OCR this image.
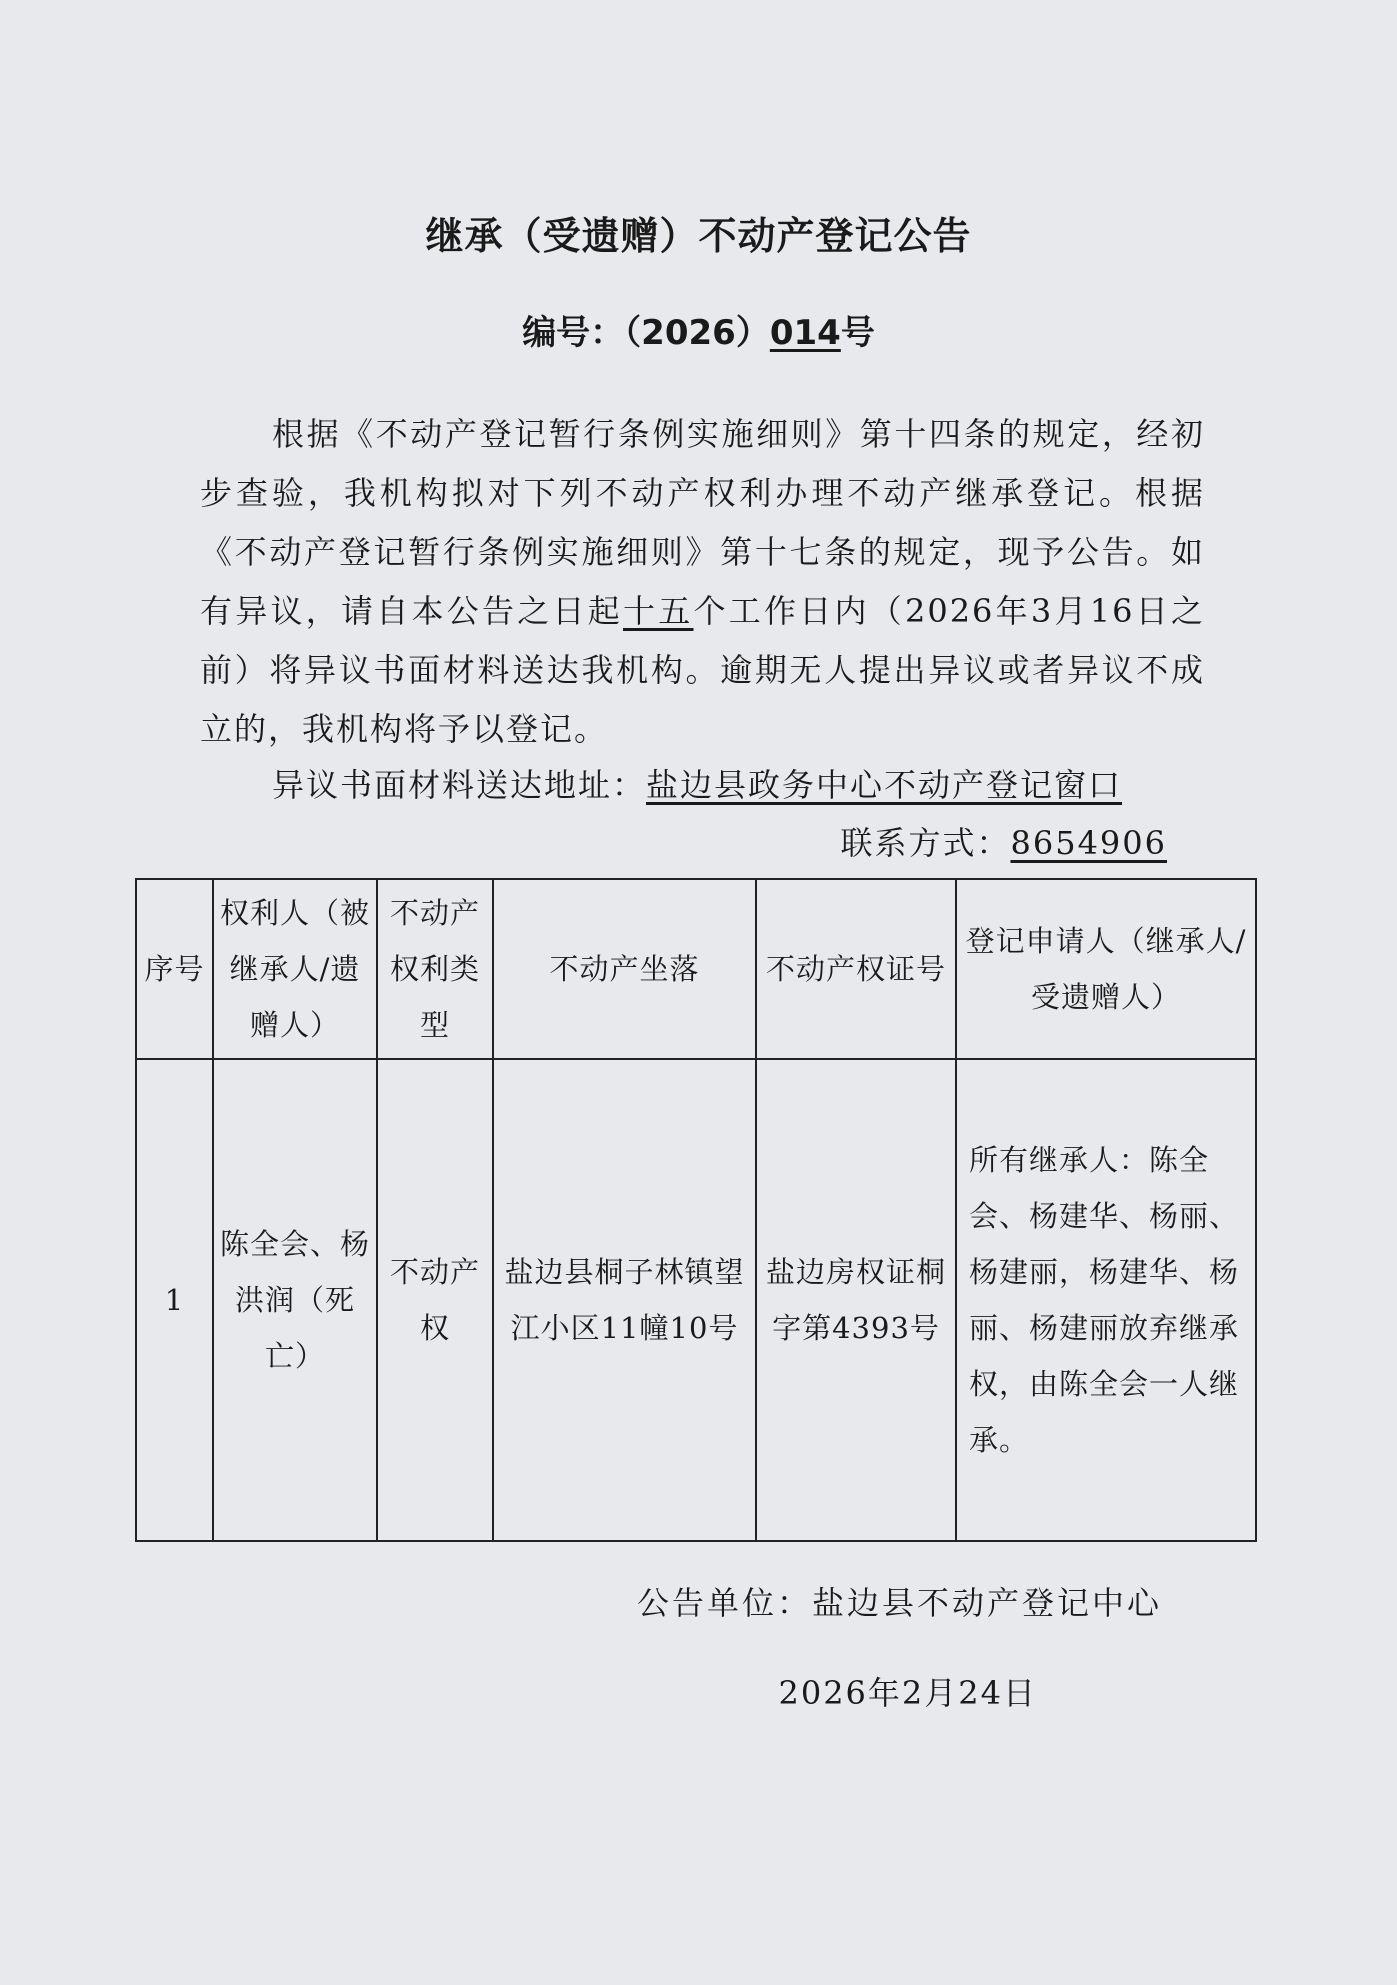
继承（受遗赠）不动产登记公告
编号：（2026）014号

根据《不动产登记暂行条例实施细则》第十四条的规定，经初步查验，我机构拟对下列不动产权利办理不动产继承登记。根据《不动产登记暂行条例实施细则》第十七条的规定，现予公告。如有异议，请自本公告之日起十五个工作日内（2026年3月16日之前）将异议书面材料送达我机构。逾期无人提出异议或者异议不成立的，我机构将予以登记。

异议书面材料送达地址：盐边县政务中心不动产登记窗口
联系方式：8654906
序号	权利人（被继承人/遗赠人）	不动产权利类型	不动产坐落	不动产权证号	登记申请人（继承人/受遗赠人）
1	陈全会、杨洪润（死亡）	不动产权	盐边县桐子林镇望江小区11幢10号	盐边房权证桐字第4393号	所有继承人：陈全会、杨建华、杨丽、杨建丽，杨建华、杨丽、杨建丽放弃继承权，由陈全会一人继承。
公告单位：盐边县不动产登记中心
2026年2月24日
